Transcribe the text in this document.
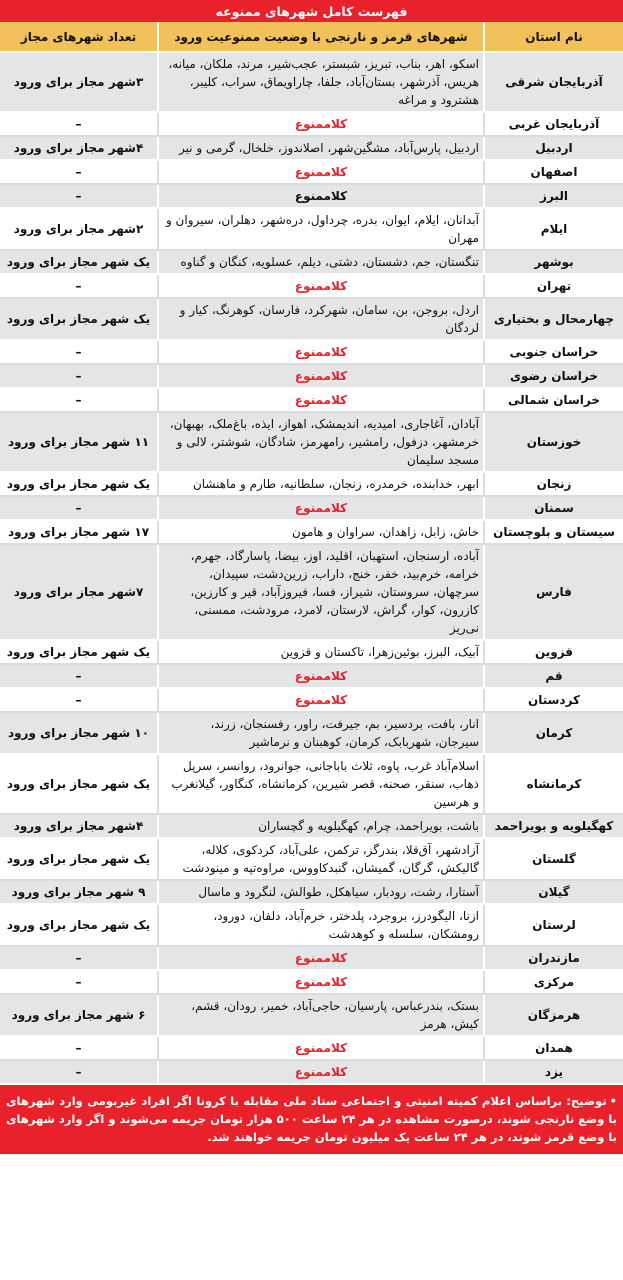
فهرست کامل شهرهای ممنوعه
نام استان	شهرهای قرمز و نارنجی با وضعیت ممنوعیت ورود	تعداد شهرهای مجاز
آذربایجان شرقی	اسکو، اهر، بناب، تبریز، شبستر، عجب‌شیر، مرند، ملکان، میانه، هریس، آذرشهر، بستان‌آباد، جلفا، چاراویماق، سراب، کلیبر، هشترود و مراغه	۳شهر مجاز برای ورود
آذربایجان غربی	کلاممنوع	–
اردبیل	اردبیل، پارس‌آباد، مشگین‌شهر، اصلاندوز، خلخال، گرمی و نیر	۴شهر مجاز برای ورود
اصفهان	کلاممنوع	–
البرز	کلاممنوع	–
ایلام	آبدانان، ایلام، ایوان، بدره، چرداول، دره‌شهر، دهلران، سیروان و مهران	۲شهر مجاز برای ورود
بوشهر	تنگستان، جم، دشستان، دشتی، دیلم، عسلویه، کنگان و گناوه	یک شهر مجاز برای ورود
تهران	کلاممنوع	–
چهارمحال و بختیاری	اردل، بروجن، بن، سامان، شهرکرد، فارسان، کوهرنگ، کیار و لردگان	یک شهر مجاز برای ورود
خراسان جنوبی	کلاممنوع	–
خراسان رضوی	کلاممنوع	–
خراسان شمالی	کلاممنوع	–
خوزستان	آبادان، آغاجاری، امیدیه، اندیمشک، اهواز، ایذه، باغ‌ملک، بهبهان، خرمشهر، دزفول، رامشیر، رامهرمز، شادگان، شوشتر، لالی و مسجد سلیمان	۱۱ شهر مجاز برای ورود
زنجان	ابهر، خدابنده، خرمدره، زنجان، سلطانیه، طارم و ماهنشان	یک شهر مجاز برای ورود
سمنان	کلاممنوع	–
سیستان و بلوچستان	خاش، زابل، زاهدان، سراوان و هامون	۱۷ شهر مجاز برای ورود
فارس	آباده، ارسنجان، استهبان، اقلید، اوز، بیضا، پاسارگاد، جهرم، خرامه، خرم‌بید، خفر، خنج، داراب، زرین‌دشت، سپیدان، سرچهان، سروستان، شیراز، فسا، فیروزآباد، قیر و کارزین، کازرون، کوار، گراش، لارستان، لامرد، مرودشت، ممسنی، نی‌ریز	۷شهر مجاز برای ورود
قزوین	آبیک، البرز، بوئین‌زهرا، تاکستان و قزوین	یک شهر مجاز برای ورود
قم	کلاممنوع	–
کردستان	کلاممنوع	–
کرمان	انار، بافت، بردسیر، بم، جیرفت، راور، رفسنجان، زرند، سیرجان، شهربابک، کرمان، کوهبنان و نرماشیر	۱۰ شهر مجاز برای ورود
کرمانشاه	اسلام‌آباد غرب، پاوه، ثلاث باباجانی، جوانرود، روانسر، سرپل ذهاب، سنقر، صحنه، قصر شیرین، کرمانشاه، کنگاور، گیلانغرب و هرسین	یک شهر مجاز برای ورود
کهگیلویه و بویراحمد	باشت، بویراحمد، چرام، کهگیلویه و گچساران	۴شهر مجاز برای ورود
گلستان	آزادشهر، آق‌قلا، بندرگز، ترکمن، علی‌آباد، کردکوی، کلاله، گالیکش، گرگان، گمیشان، گنبدکاووس، مراوه‌تپه و مینودشت	یک شهر مجاز برای ورود
گیلان	آستارا، رشت، رودبار، سیاهکل، طوالش، لنگرود و ماسال	۹ شهر مجاز برای ورود
لرستان	ازنا، الیگودرز، بروجرد، پلدختر، خرم‌آباد، دلفان، دورود، رومشکان، سلسله و کوهدشت	یک شهر مجاز برای ورود
مازندران	کلاممنوع	–
مرکزی	کلاممنوع	–
هرمزگان	بستک، بندرعباس، پارسیان، حاجی‌آباد، خمیر، رودان، قشم، کیش، هرمز	۶ شهر مجاز برای ورود
همدان	کلاممنوع	–
یزد	کلاممنوع	–
•توضیح: براساس اعلام کمیته امنیتی و اجتماعی ستاد ملی مقابله با کرونا اگر افراد غیربومی وارد شهرهای با وضع نارنجی شوند، درصورت مشاهده در هر ۲۴ ساعت ۵۰۰ هزار تومان جریمه می‌شوند و اگر وارد شهرهای با وضع قرمز شوند، در هر ۲۴ ساعت یک میلیون تومان جریمه خواهند شد.
